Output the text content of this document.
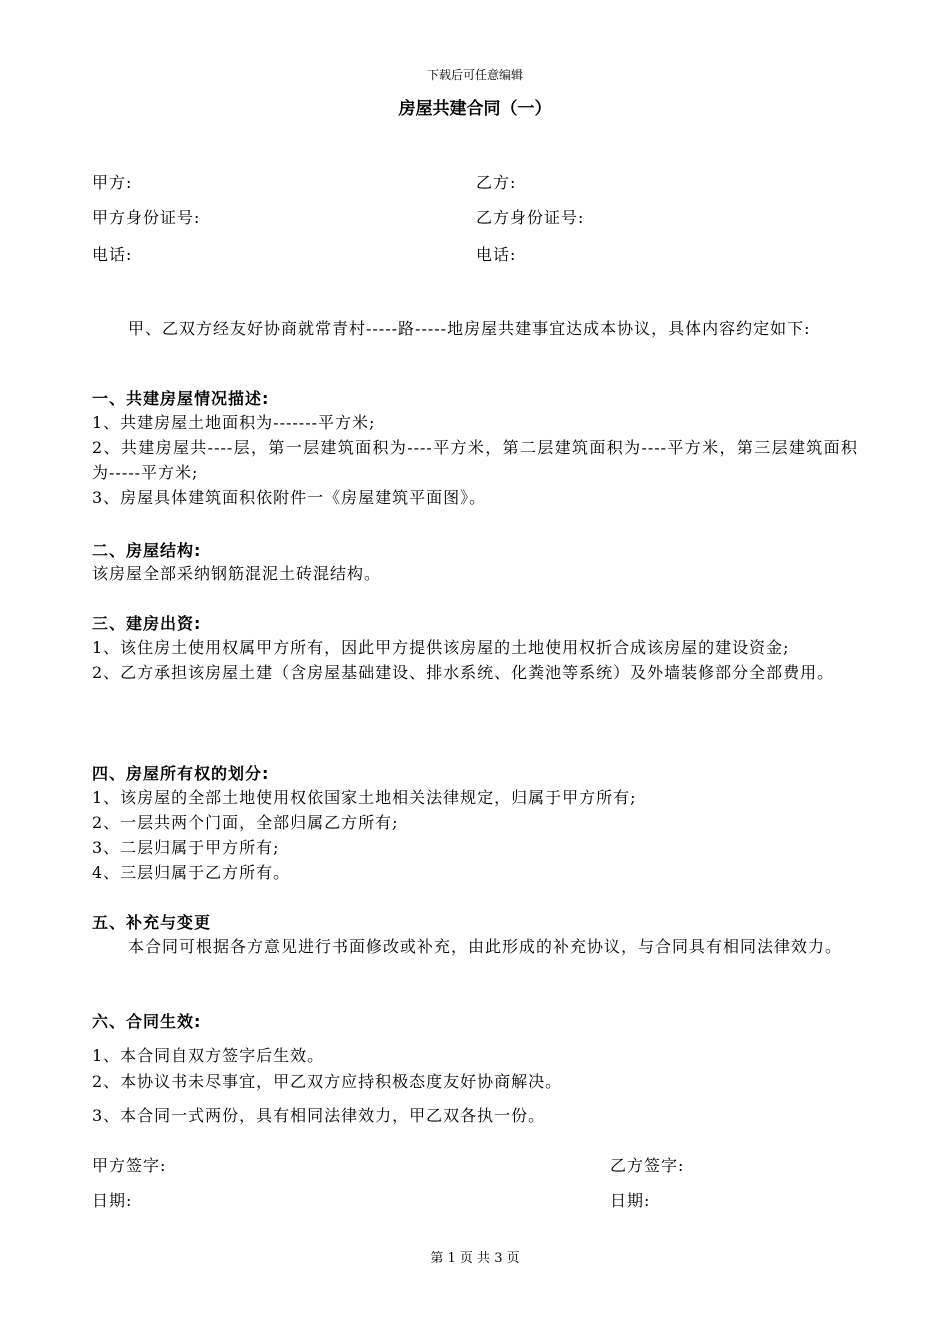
下载后可任意编辑
房屋共建合同（一）
甲方:	乙方:
甲方身份证号:	乙方身份证号:
电话:	电话:
甲、乙双方经友好协商就常青村-----路-----地房屋共建事宜达成本协议，具体内容约定如下:
一、共建房屋情况描述:
1、共建房屋土地面积为-------平方米;
2、共建房屋共----层，第一层建筑面积为----平方米，第二层建筑面积为----平方米，第三层建筑面积为-----平方米;
3、房屋具体建筑面积依附件一《房屋建筑平面图》。
二、房屋结构:
该房屋全部采纳钢筋混泥土砖混结构。
三、建房出资:
1、该住房土使用权属甲方所有，因此甲方提供该房屋的土地使用权折合成该房屋的建设资金;
2、乙方承担该房屋土建（含房屋基础建设、排水系统、化粪池等系统）及外墙装修部分全部费用。
四、房屋所有权的划分:
1、该房屋的全部土地使用权依国家土地相关法律规定，归属于甲方所有;
2、一层共两个门面，全部归属乙方所有;
3、二层归属于甲方所有;
4、三层归属于乙方所有。
五、补充与变更
本合同可根据各方意见进行书面修改或补充，由此形成的补充协议，与合同具有相同法律效力。
六、合同生效:
1、本合同自双方签字后生效。
2、本协议书未尽事宜，甲乙双方应持积极态度友好协商解决。
3、本合同一式两份，具有相同法律效力，甲乙双各执一份。
甲方签字:	乙方签字:
日期:	日期:
第 1 页 共 3 页
